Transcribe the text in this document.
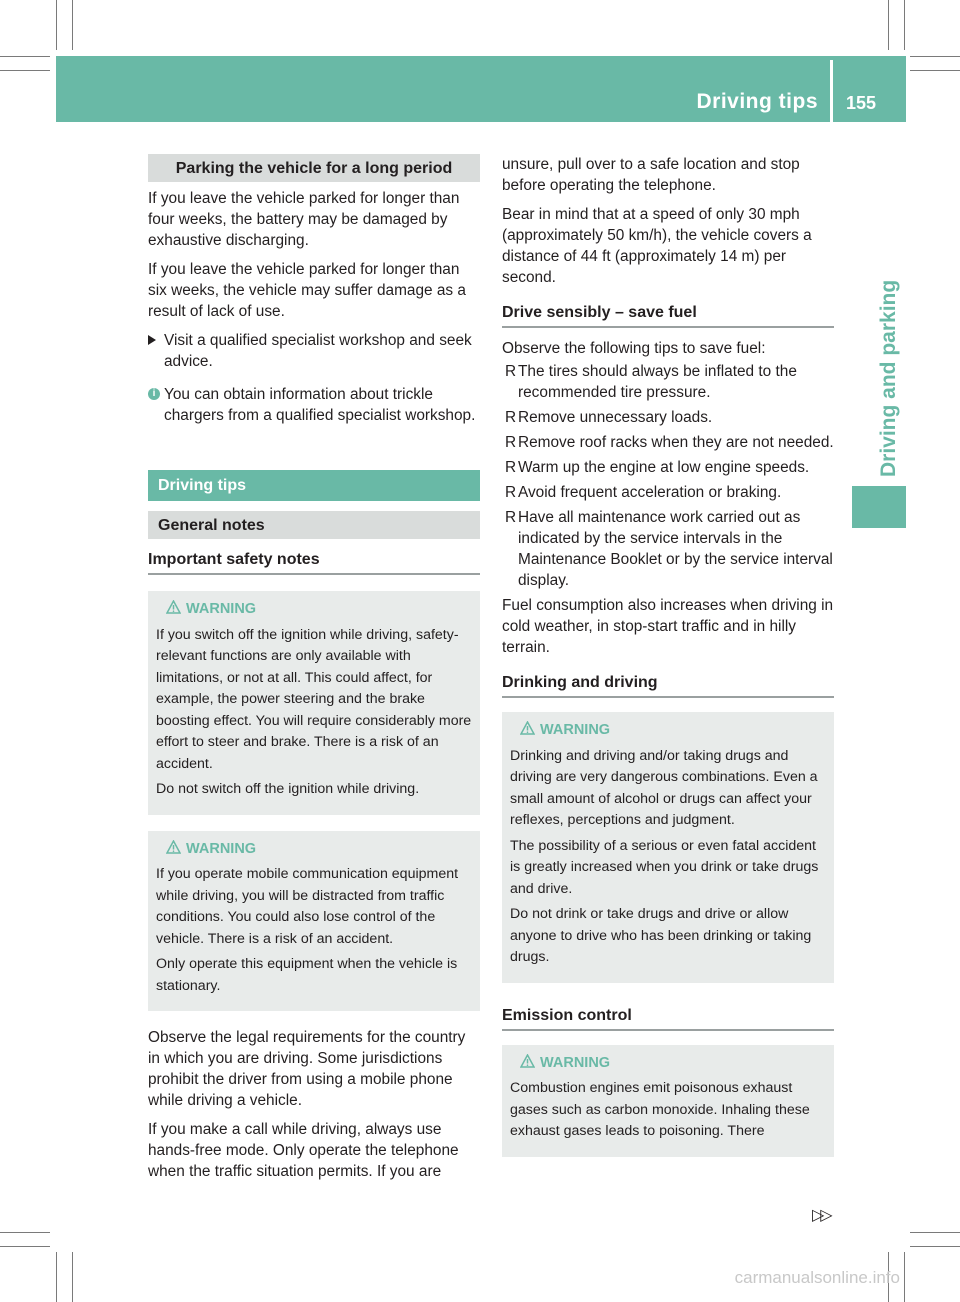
Driving tips 155
Driving and parking
Parking the vehicle for a long period

If you leave the vehicle parked for longer than four weeks, the battery may be damaged by exhaustive discharging.

If you leave the vehicle parked for longer than six weeks, the vehicle may suffer damage as a result of lack of use.

Visit a qualified specialist workshop and seek advice.
i You can obtain information about trickle chargers from a qualified specialist workshop.
Driving tips
General notes
Important safety notes
WARNING

If you switch off the ignition while driving, safety-relevant functions are only available with limitations, or not at all. This could affect, for example, the power steering and the brake boosting effect. You will require considerably more effort to steer and brake. There is a risk of an accident.

Do not switch off the ignition while driving.

WARNING

If you operate mobile communication equipment while driving, you will be distracted from traffic conditions. You could also lose control of the vehicle. There is a risk of an accident.

Only operate this equipment when the vehicle is stationary.

Observe the legal requirements for the country in which you are driving. Some jurisdictions prohibit the driver from using a mobile phone while driving a vehicle.

If you make a call while driving, always use hands-free mode. Only operate the telephone when the traffic situation permits. If you are

unsure, pull over to a safe location and stop before operating the telephone.

Bear in mind that at a speed of only 30 mph (approximately 50 km/h), the vehicle covers a distance of 44 ft (approximately 14 m) per second.

Drive sensibly – save fuel

Observe the following tips to save fuel:

R The tires should always be inflated to the recommended tire pressure.
R Remove unnecessary loads.
R Remove roof racks when they are not needed.
R Warm up the engine at low engine speeds.
R Avoid frequent acceleration or braking.
R Have all maintenance work carried out as indicated by the service intervals in the Maintenance Booklet or by the service interval display.

Fuel consumption also increases when driving in cold weather, in stop-start traffic and in hilly terrain.

Drinking and driving
WARNING

Drinking and driving and/or taking drugs and driving are very dangerous combinations. Even a small amount of alcohol or drugs can affect your reflexes, perceptions and judgment.

The possibility of a serious or even fatal accident is greatly increased when you drink or take drugs and drive.

Do not drink or take drugs and drive or allow anyone to drive who has been drinking or taking drugs.

Emission control
WARNING

Combustion engines emit poisonous exhaust gases such as carbon monoxide. Inhaling these exhaust gases leads to poisoning. There

▷▷
carmanualsonline.info
